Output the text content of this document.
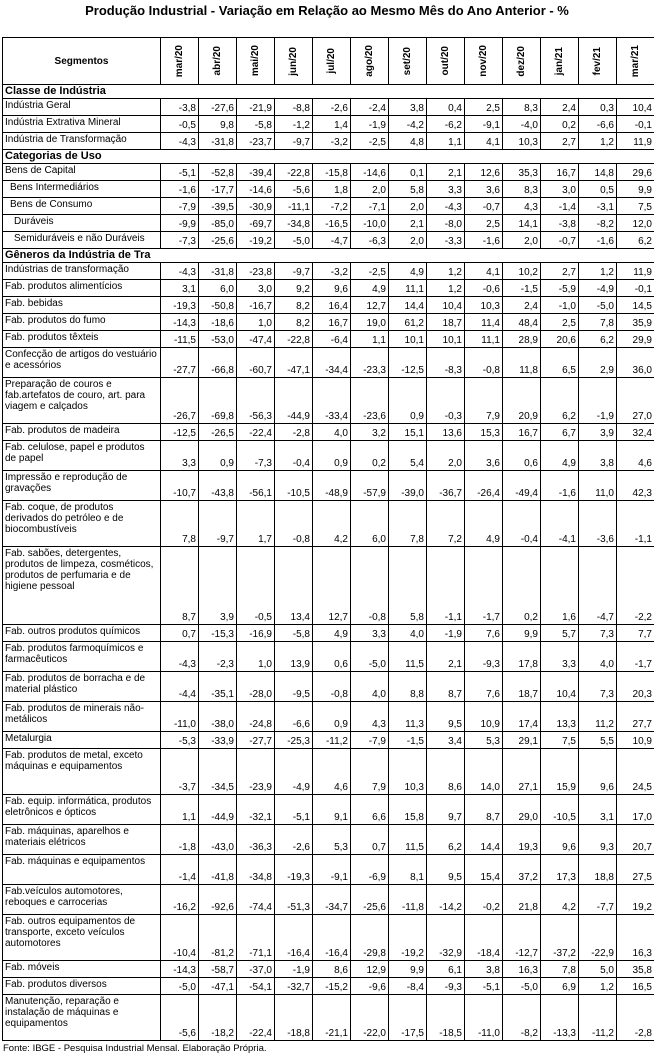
Produção Industrial - Variação em Relação ao Mesmo Mês do Ano Anterior - %
Segmentos	mar/20	abr/20	mai/20	jun/20	jul/20	ago/20	set/20	out/20	nov/20	dez/20	jan/21	fev/21	mar/21

Classe de Indústria													
Indústria Geral	-3,8	-27,6	-21,9	-8,8	-2,6	-2,4	3,8	0,4	2,5	8,3	2,4	0,3	10,4
Indústria Extrativa Mineral	-0,5	9,8	-5,8	-1,2	1,4	-1,9	-4,2	-6,2	-9,1	-4,0	0,2	-6,6	-0,1
Indústria de Transformação	-4,3	-31,8	-23,7	-9,7	-3,2	-2,5	4,8	1,1	4,1	10,3	2,7	1,2	11,9
Categorias de Uso													
Bens de Capital	-5,1	-52,8	-39,4	-22,8	-15,8	-14,6	0,1	2,1	12,6	35,3	16,7	14,8	29,6
Bens Intermediários	-1,6	-17,7	-14,6	-5,6	1,8	2,0	5,8	3,3	3,6	8,3	3,0	0,5	9,9
Bens de Consumo	-7,9	-39,5	-30,9	-11,1	-7,2	-7,1	2,0	-4,3	-0,7	4,3	-1,4	-3,1	7,5
Duráveis	-9,9	-85,0	-69,7	-34,8	-16,5	-10,0	2,1	-8,0	2,5	14,1	-3,8	-8,2	12,0
Semiduráveis e não Duráveis	-7,3	-25,6	-19,2	-5,0	-4,7	-6,3	2,0	-3,3	-1,6	2,0	-0,7	-1,6	6,2
Gêneros da Indústria de Tra													
Indústrias de transformação	-4,3	-31,8	-23,8	-9,7	-3,2	-2,5	4,9	1,2	4,1	10,2	2,7	1,2	11,9
Fab. produtos alimentícios	3,1	6,0	3,0	9,2	9,6	4,9	11,1	1,2	-0,6	-1,5	-5,9	-4,9	-0,1
Fab. bebidas	-19,3	-50,8	-16,7	8,2	16,4	12,7	14,4	10,4	10,3	2,4	-1,0	-5,0	14,5
Fab. produtos do fumo	-14,3	-18,6	1,0	8,2	16,7	19,0	61,2	18,7	11,4	48,4	2,5	7,8	35,9
Fab. produtos têxteis	-11,5	-53,0	-47,4	-22,8	-6,4	1,1	10,1	10,1	11,1	28,9	20,6	6,2	29,9
Confecção de artigos do vestuário e acessórios	-27,7	-66,8	-60,7	-47,1	-34,4	-23,3	-12,5	-8,3	-0,8	11,8	6,5	2,9	36,0
Preparação de couros e fab.artefatos de couro, art. para viagem e calçados	-26,7	-69,8	-56,3	-44,9	-33,4	-23,6	0,9	-0,3	7,9	20,9	6,2	-1,9	27,0
Fab. produtos de madeira	-12,5	-26,5	-22,4	-2,8	4,0	3,2	15,1	13,6	15,3	16,7	6,7	3,9	32,4
Fab. celulose, papel e produtos de papel	3,3	0,9	-7,3	-0,4	0,9	0,2	5,4	2,0	3,6	0,6	4,9	3,8	4,6
Impressão e reprodução de gravações	-10,7	-43,8	-56,1	-10,5	-48,9	-57,9	-39,0	-36,7	-26,4	-49,4	-1,6	11,0	42,3
Fab. coque, de produtos derivados do petróleo e de biocombustíveis	7,8	-9,7	1,7	-0,8	4,2	6,0	7,8	7,2	4,9	-0,4	-4,1	-3,6	-1,1
Fab. sabões, detergentes, produtos de limpeza, cosméticos, produtos de perfumaria e de higiene pessoal	8,7	3,9	-0,5	13,4	12,7	-0,8	5,8	-1,1	-1,7	0,2	1,6	-4,7	-2,2
Fab. outros produtos químicos	0,7	-15,3	-16,9	-5,8	4,9	3,3	4,0	-1,9	7,6	9,9	5,7	7,3	7,7
Fab. produtos farmoquímicos e farmacêuticos	-4,3	-2,3	1,0	13,9	0,6	-5,0	11,5	2,1	-9,3	17,8	3,3	4,0	-1,7
Fab. produtos de borracha e de material plástico	-4,4	-35,1	-28,0	-9,5	-0,8	4,0	8,8	8,7	7,6	18,7	10,4	7,3	20,3
Fab. produtos de minerais não-metálicos	-11,0	-38,0	-24,8	-6,6	0,9	4,3	11,3	9,5	10,9	17,4	13,3	11,2	27,7
Metalurgia	-5,3	-33,9	-27,7	-25,3	-11,2	-7,9	-1,5	3,4	5,3	29,1	7,5	5,5	10,9
Fab. produtos de metal, exceto máquinas e equipamentos	-3,7	-34,5	-23,9	-4,9	4,6	7,9	10,3	8,6	14,0	27,1	15,9	9,6	24,5
Fab. equip. informática, produtos eletrônicos e ópticos	1,1	-44,9	-32,1	-5,1	9,1	6,6	15,8	9,7	8,7	29,0	-10,5	3,1	17,0
Fab. máquinas, aparelhos e materiais elétricos	-1,8	-43,0	-36,3	-2,6	5,3	0,7	11,5	6,2	14,4	19,3	9,6	9,3	20,7
Fab. máquinas e equipamentos	-1,4	-41,8	-34,8	-19,3	-9,1	-6,9	8,1	9,5	15,4	37,2	17,3	18,8	27,5
Fab.veículos automotores, reboques e carrocerias	-16,2	-92,6	-74,4	-51,3	-34,7	-25,6	-11,8	-14,2	-0,2	21,8	4,2	-7,7	19,2
Fab. outros equipamentos de transporte, exceto veículos automotores	-10,4	-81,2	-71,1	-16,4	-16,4	-29,8	-19,2	-32,9	-18,4	-12,7	-37,2	-22,9	16,3
Fab. móveis	-14,3	-58,7	-37,0	-1,9	8,6	12,9	9,9	6,1	3,8	16,3	7,8	5,0	35,8
Fab. produtos diversos	-5,0	-47,1	-54,1	-32,7	-15,2	-9,6	-8,4	-9,3	-5,1	-5,0	6,9	1,2	16,5
Manutenção, reparação e instalação de máquinas e equipamentos	-5,6	-18,2	-22,4	-18,8	-21,1	-22,0	-17,5	-18,5	-11,0	-8,2	-13,3	-11,2	-2,8
Fonte: IBGE - Pesquisa Industrial Mensal. Elaboração Própria.
